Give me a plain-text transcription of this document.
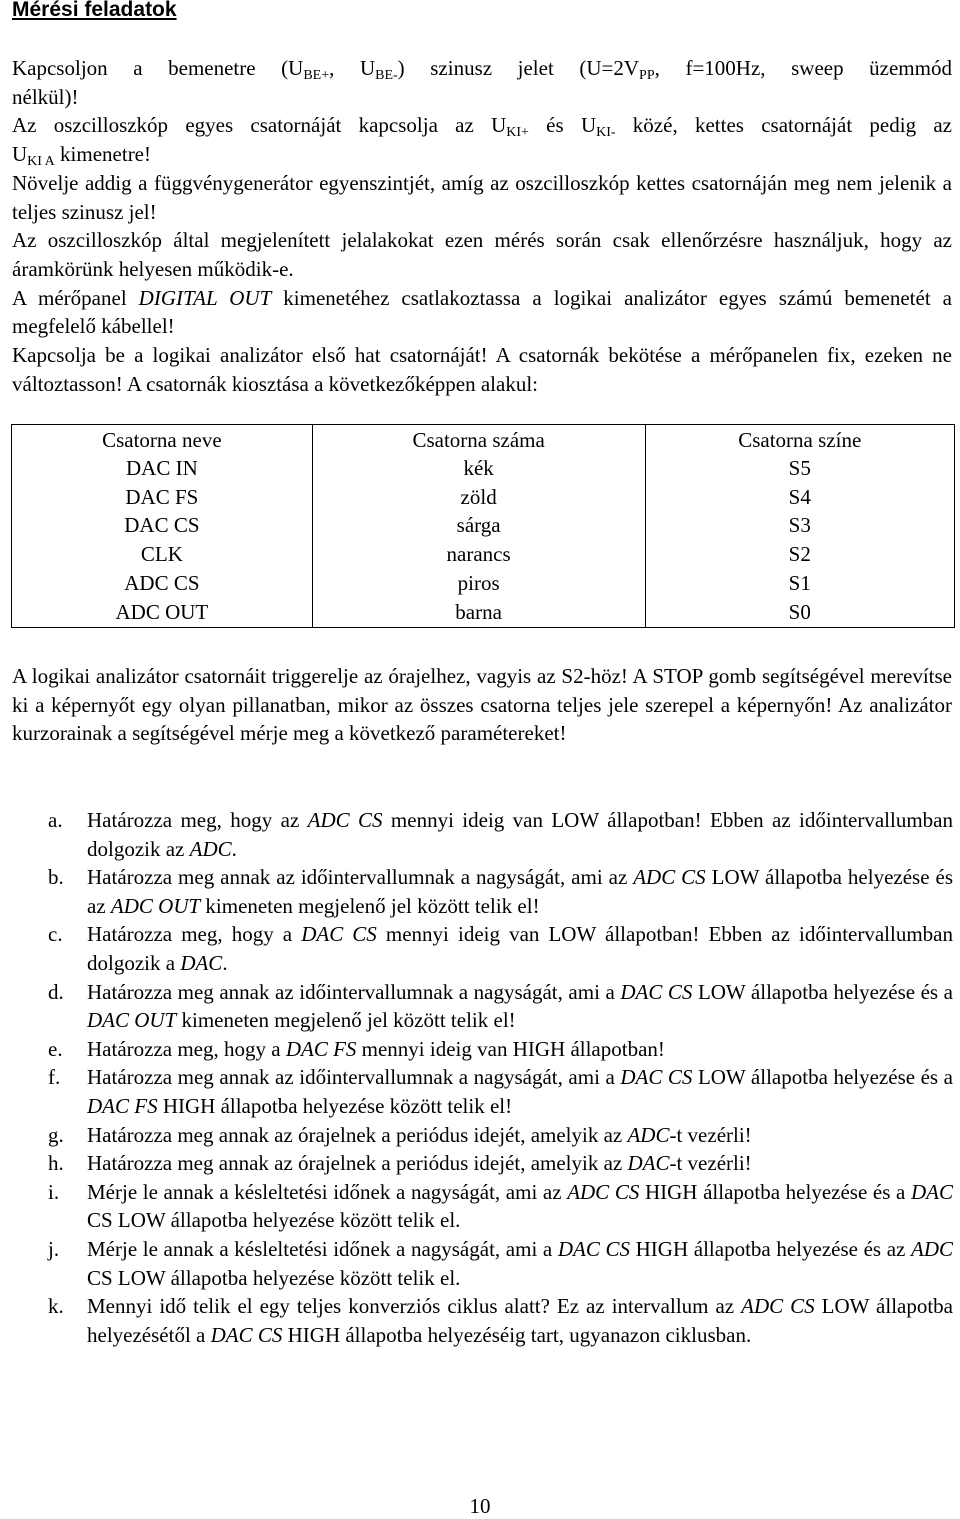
Mérési feladatok
Kapcsoljon a bemenetre ($U_{BE+}$, $U_{BE-}$) szinusz jelet ($U=2V_{PP}$, f=100Hz, sweep üzemmód
nélkül)!
Az oszcilloszkóp egyes csatornáját kapcsolja az $U_{KI+}$ és $U_{KI-}$ közé, kettes csatornáját pedig az
$U_{KI A}$ kimenetre!
Növelje addig a függvénygenerátor egyenszintjét, amíg az oszcilloszkóp kettes csatornáján meg nem jelenik a teljes szinusz jel!
Az oszcilloszkóp által megjelenített jelalakokat ezen mérés során csak ellenőrzésre használjuk, hogy az áramkörünk helyesen működik-e.
A mérőpanel DIGITAL OUT kimenetéhez csatlakoztassa a logikai analizátor egyes számú bemenetét a megfelelő kábellel!
Kapcsolja be a logikai analizátor első hat csatornáját! A csatornák bekötése a mérőpanelen fix, ezeken ne változtasson! A csatornák kiosztása a következőképpen alakul:
Csatorna neve	Csatorna száma	Csatorna színe
DAC IN	kék	S5
DAC FS	zöld	S4
DAC CS	sárga	S3
CLK	narancs	S2
ADC CS	piros	S1
ADC OUT	barna	S0
A logikai analizátor csatornáit triggerelje az órajelhez, vagyis az S2-höz! A STOP gomb segítségével merevítse ki a képernyőt egy olyan pillanatban, mikor az összes csatorna teljes jele szerepel a képernyőn! Az analizátor kurzorainak a segítségével mérje meg a következő paramétereket!
a. Határozza meg, hogy az ADC CS mennyi ideig van LOW állapotban! Ebben az időintervallumban dolgozik az ADC.
b. Határozza meg annak az időintervallumnak a nagyságát, ami az ADC CS LOW állapotba helyezése és az ADC OUT kimeneten megjelenő jel között telik el!
c. Határozza meg, hogy a DAC CS mennyi ideig van LOW állapotban! Ebben az időintervallumban dolgozik a DAC.
d. Határozza meg annak az időintervallumnak a nagyságát, ami a DAC CS LOW állapotba helyezése és a DAC OUT kimeneten megjelenő jel között telik el!
e. Határozza meg, hogy a DAC FS mennyi ideig van HIGH állapotban!
f. Határozza meg annak az időintervallumnak a nagyságát, ami a DAC CS LOW állapotba helyezése és a DAC FS HIGH állapotba helyezése között telik el!
g. Határozza meg annak az órajelnek a periódus idejét, amelyik az ADC-t vezérli!
h. Határozza meg annak az órajelnek a periódus idejét, amelyik az DAC-t vezérli!
i. Mérje le annak a késleltetési időnek a nagyságát, ami az ADC CS HIGH állapotba helyezése és a DAC CS LOW állapotba helyezése között telik el.
j. Mérje le annak a késleltetési időnek a nagyságát, ami a DAC CS HIGH állapotba helyezése és az ADC CS LOW állapotba helyezése között telik el.
k. Mennyi idő telik el egy teljes konverziós ciklus alatt? Ez az intervallum az ADC CS LOW állapotba helyezésétől a DAC CS HIGH állapotba helyezéséig tart, ugyanazon ciklusban.
10
